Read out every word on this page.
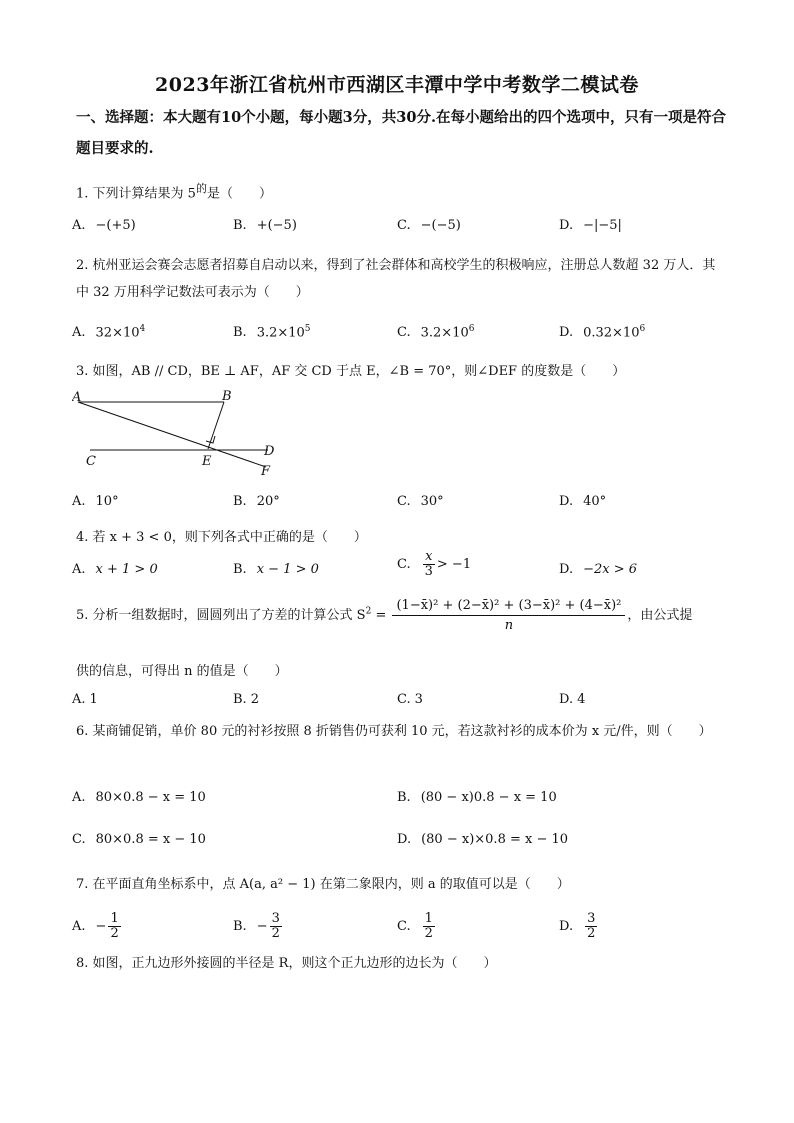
2023年浙江省杭州市西湖区丰潭中学中考数学二模试卷
一、选择题：本大题有10个小题，每小题3分，共30分.在每小题给出的四个选项中，只有一项是符合题目要求的.
1. 下列计算结果为 $5^的$是（　　）
A. −(+5)	B. +(−5)	C. −(−5)	D. −|−5|
2. 杭州亚运会赛会志愿者招募自启动以来，得到了社会群体和高校学生的积极响应，注册总人数超 32 万人．其中 32 万用科学记数法可表示为（　　）
A. $32\times 10^4$	B. $3.2\times 10^5$	C. $3.2\times 10^6$	D. $0.32\times 10^6$
3. 如图，AB // CD，BE ⊥ AF，AF 交 CD 于点 E，∠B = 70°，则∠DEF 的度数是（　　）
A	B
C
D
E
F
A. 10°	B. 20°	C. 30°	D. 40°
4. 若 x + 3 < 0，则下列各式中正确的是（　　）
A. x + 1 > 0	B. x − 1 > 0	C. $\frac{x}{3} > -1$	D. −2x > 6
5. 分析一组数据时，圆圆列出了方差的计算公式 $S^2 = \frac{\text{(1−x̄)² + (2−x̄)² + (3−x̄)² + (4−x̄)²}}{n}$ ，由公式提
供的信息，可得出 n 的值是（　　）
A. 1	B. 2	C. 3	D. 4
6. 某商铺促销，单价 80 元的衬衫按照 8 折销售仍可获利 10 元，若这款衬衫的成本价为 x 元/件，则（　　）
A. 80×0.8 − x = 10	B. (80 − x)0.8 − x = 10
C. 80×0.8 = x − 10	D. (80 − x)×0.8 = x − 10
7. 在平面直角坐标系中，点 A(a, a² − 1) 在第二象限内，则 a 的取值可以是（　　）
A. − $\frac{1}{2}$	B. − $\frac{3}{2}$	C. $\frac{1}{2}$	D. $\frac{3}{2}$
8. 如图，正九边形外接圆的半径是 R，则这个正九边形的边长为（　　）
